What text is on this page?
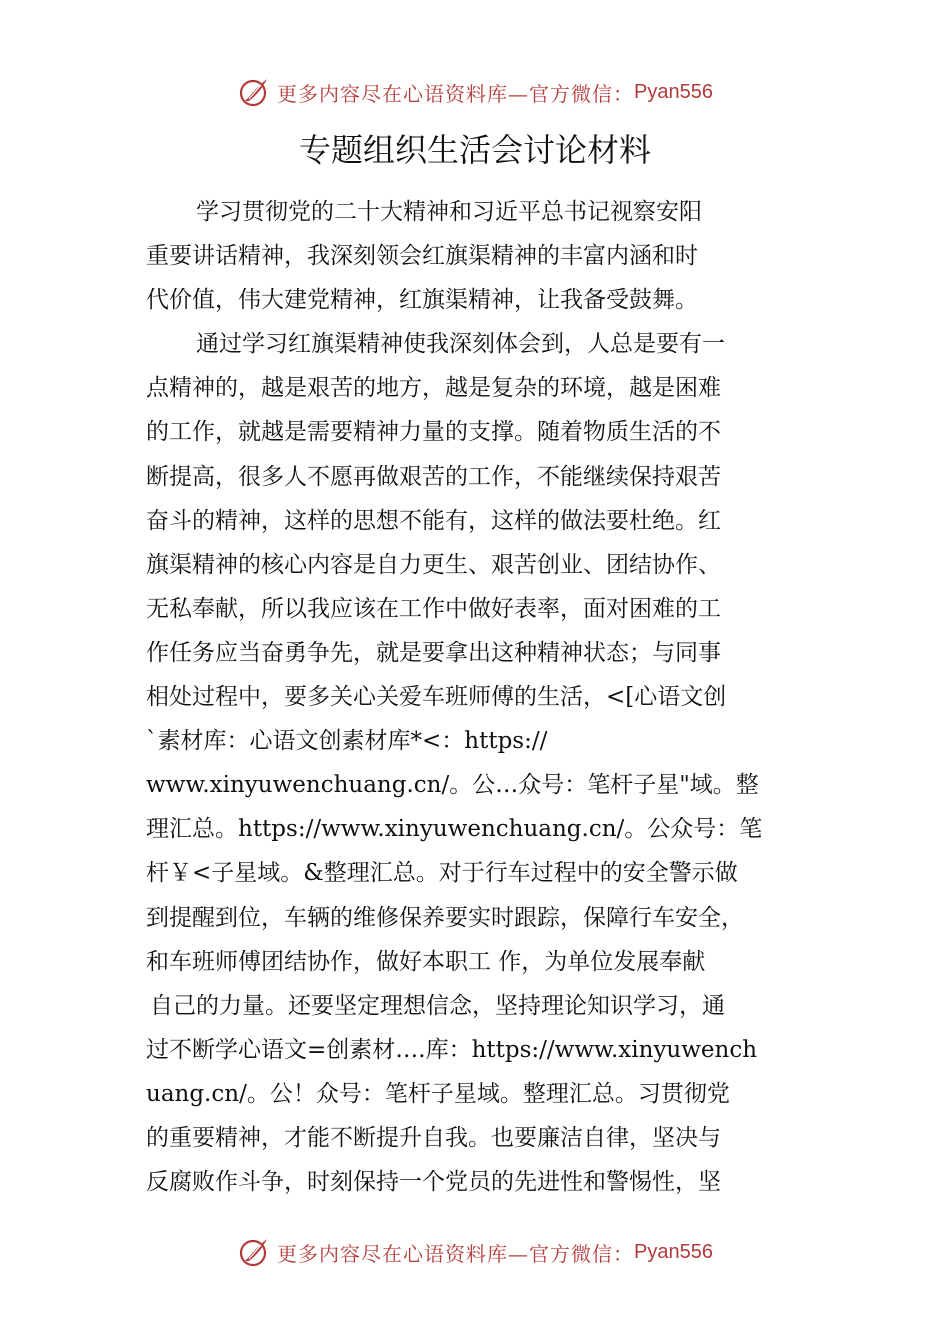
更多内容尽在心语资料库—官方微信： Pyan556
专题组织生活会讨论材料

学习贯彻党的二十大精神和习近平总书记视察安阳
重要讲话精神，我深刻领会红旗渠精神的丰富内涵和时
代价值，伟大建党精神，红旗渠精神，让我备受鼓舞。

通过学习红旗渠精神使我深刻体会到，人总是要有一
点精神的，越是艰苦的地方，越是复杂的环境，越是困难
的工作，就越是需要精神力量的支撑。随着物质生活的不
断提高，很多人不愿再做艰苦的工作，不能继续保持艰苦
奋斗的精神，这样的思想不能有，这样的做法要杜绝。红
旗渠精神的核心内容是自力更生、艰苦创业、团结协作、
无私奉献，所以我应该在工作中做好表率，面对困难的工
作任务应当奋勇争先，就是要拿出这种精神状态；与同事
相处过程中，要多关心关爱车班师傅的生活，<[心语文创
`素材库：心语文创素材库*<：https://
www.xinyuwenchuang.cn/。公…众号：笔杆子星"域。整
理汇总。https://www.xinyuwenchuang.cn/。公众号：笔
杆￥<子星域。&整理汇总。对于行车过程中的安全警示做
到提醒到位，车辆的维修保养要实时跟踪，保障行车安全，
和车班师傅团结协作，做好本职工 作，为单位发展奉献
自己的力量。还要坚定理想信念，坚持理论知识学习，通
过不断学心语文=创素材….库：https://www.xinyuwench
uang.cn/。公！众号：笔杆子星域。整理汇总。习贯彻党
的重要精神，才能不断提升自我。也要廉洁自律，坚决与
反腐败作斗争，时刻保持一个党员的先进性和警惕性，坚

更多内容尽在心语资料库—官方微信： Pyan556
